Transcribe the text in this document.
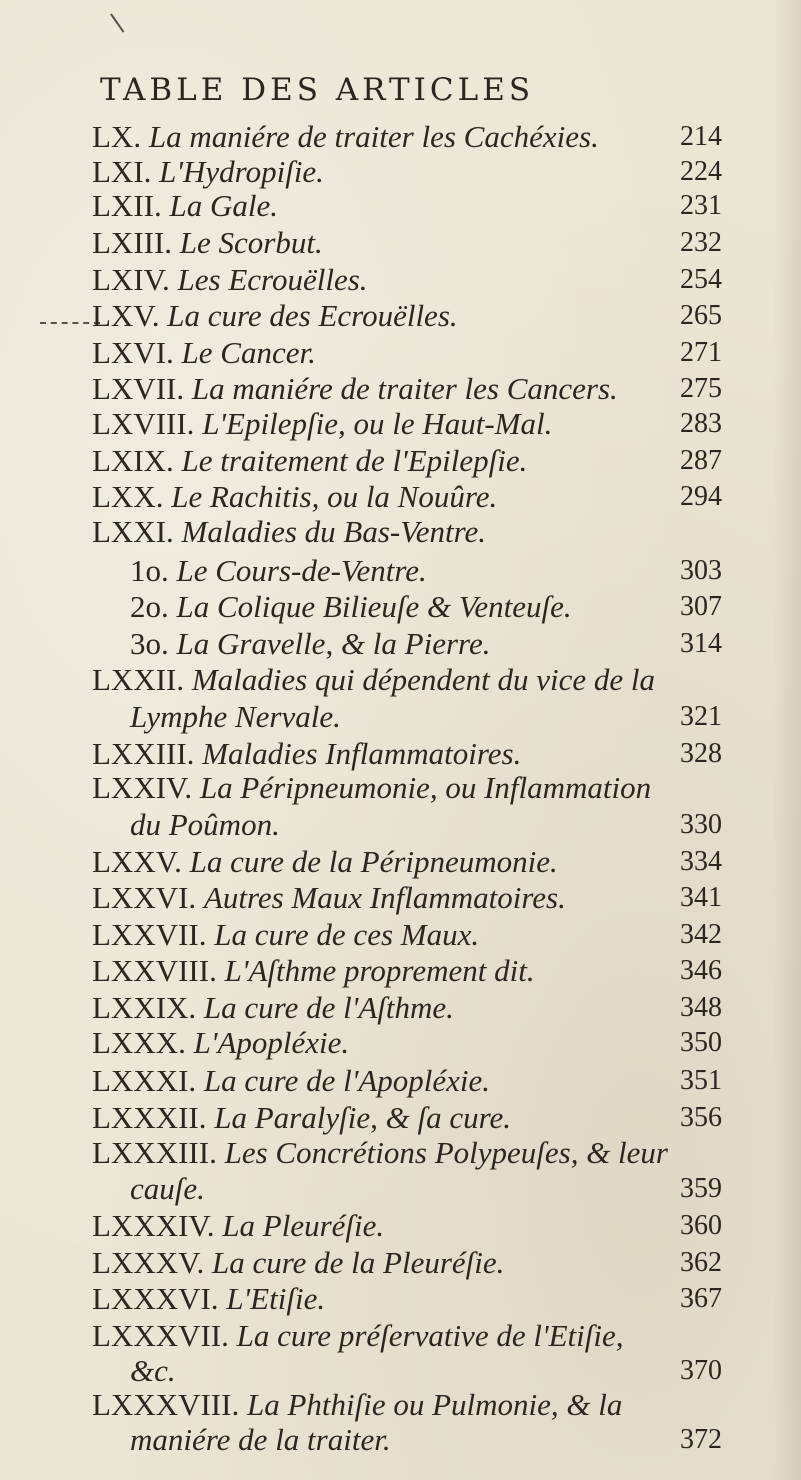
TABLE DES ARTICLES
LX. La maniére de traiter les Cachéxies.	214
LXI. L'Hydropiſie.	224
LXII. La Gale.	231
LXIII. Le Scorbut.	232
LXIV. Les Ecrouëlles.	254
LXV. La cure des Ecrouëlles.	265
LXVI. Le Cancer.	271
LXVII. La maniére de traiter les Cancers. 275
LXVIII. L'Epilepſie, ou le Haut-Mal.	283
LXIX. Le traitement de l'Epilepſie.	287
LXX. Le Rachitis, ou la Nouûre.	294
LXXI. Maladies du Bas-Ventre.
1o. Le Cours-de-Ventre.	303
2o. La Colique Bilieuſe & Venteuſe.	307
3o. La Gravelle, & la Pierre.	314
LXXII. Maladies qui dépendent du vice de la
Lymphe Nervale.	321
LXXIII. Maladies Inflammatoires.	328
LXXIV. La Péripneumonie, ou Inflammation
du Poûmon.	330
LXXV. La cure de la Péripneumonie.	334
LXXVI. Autres Maux Inflammatoires.	341
LXXVII. La cure de ces Maux.	342
LXXVIII. L'Aſthme proprement dit.	346
LXXIX. La cure de l'Aſthme.	348
LXXX. L'Apopléxie.	350
LXXXI. La cure de l'Apopléxie.	351
LXXXII. La Paralyſie, & ſa cure.	356
LXXXIII. Les Concrétions Polypeuſes, & leur
cauſe.	359
LXXXIV. La Pleuréſie.	360
LXXXV. La cure de la Pleuréſie.	362
LXXXVI. L'Etiſie.	367
LXXXVII. La cure préſervative de l'Etiſie,
&c.	370
LXXXVIII. La Phthiſie ou Pulmonie, & la
maniére de la traiter.	372
